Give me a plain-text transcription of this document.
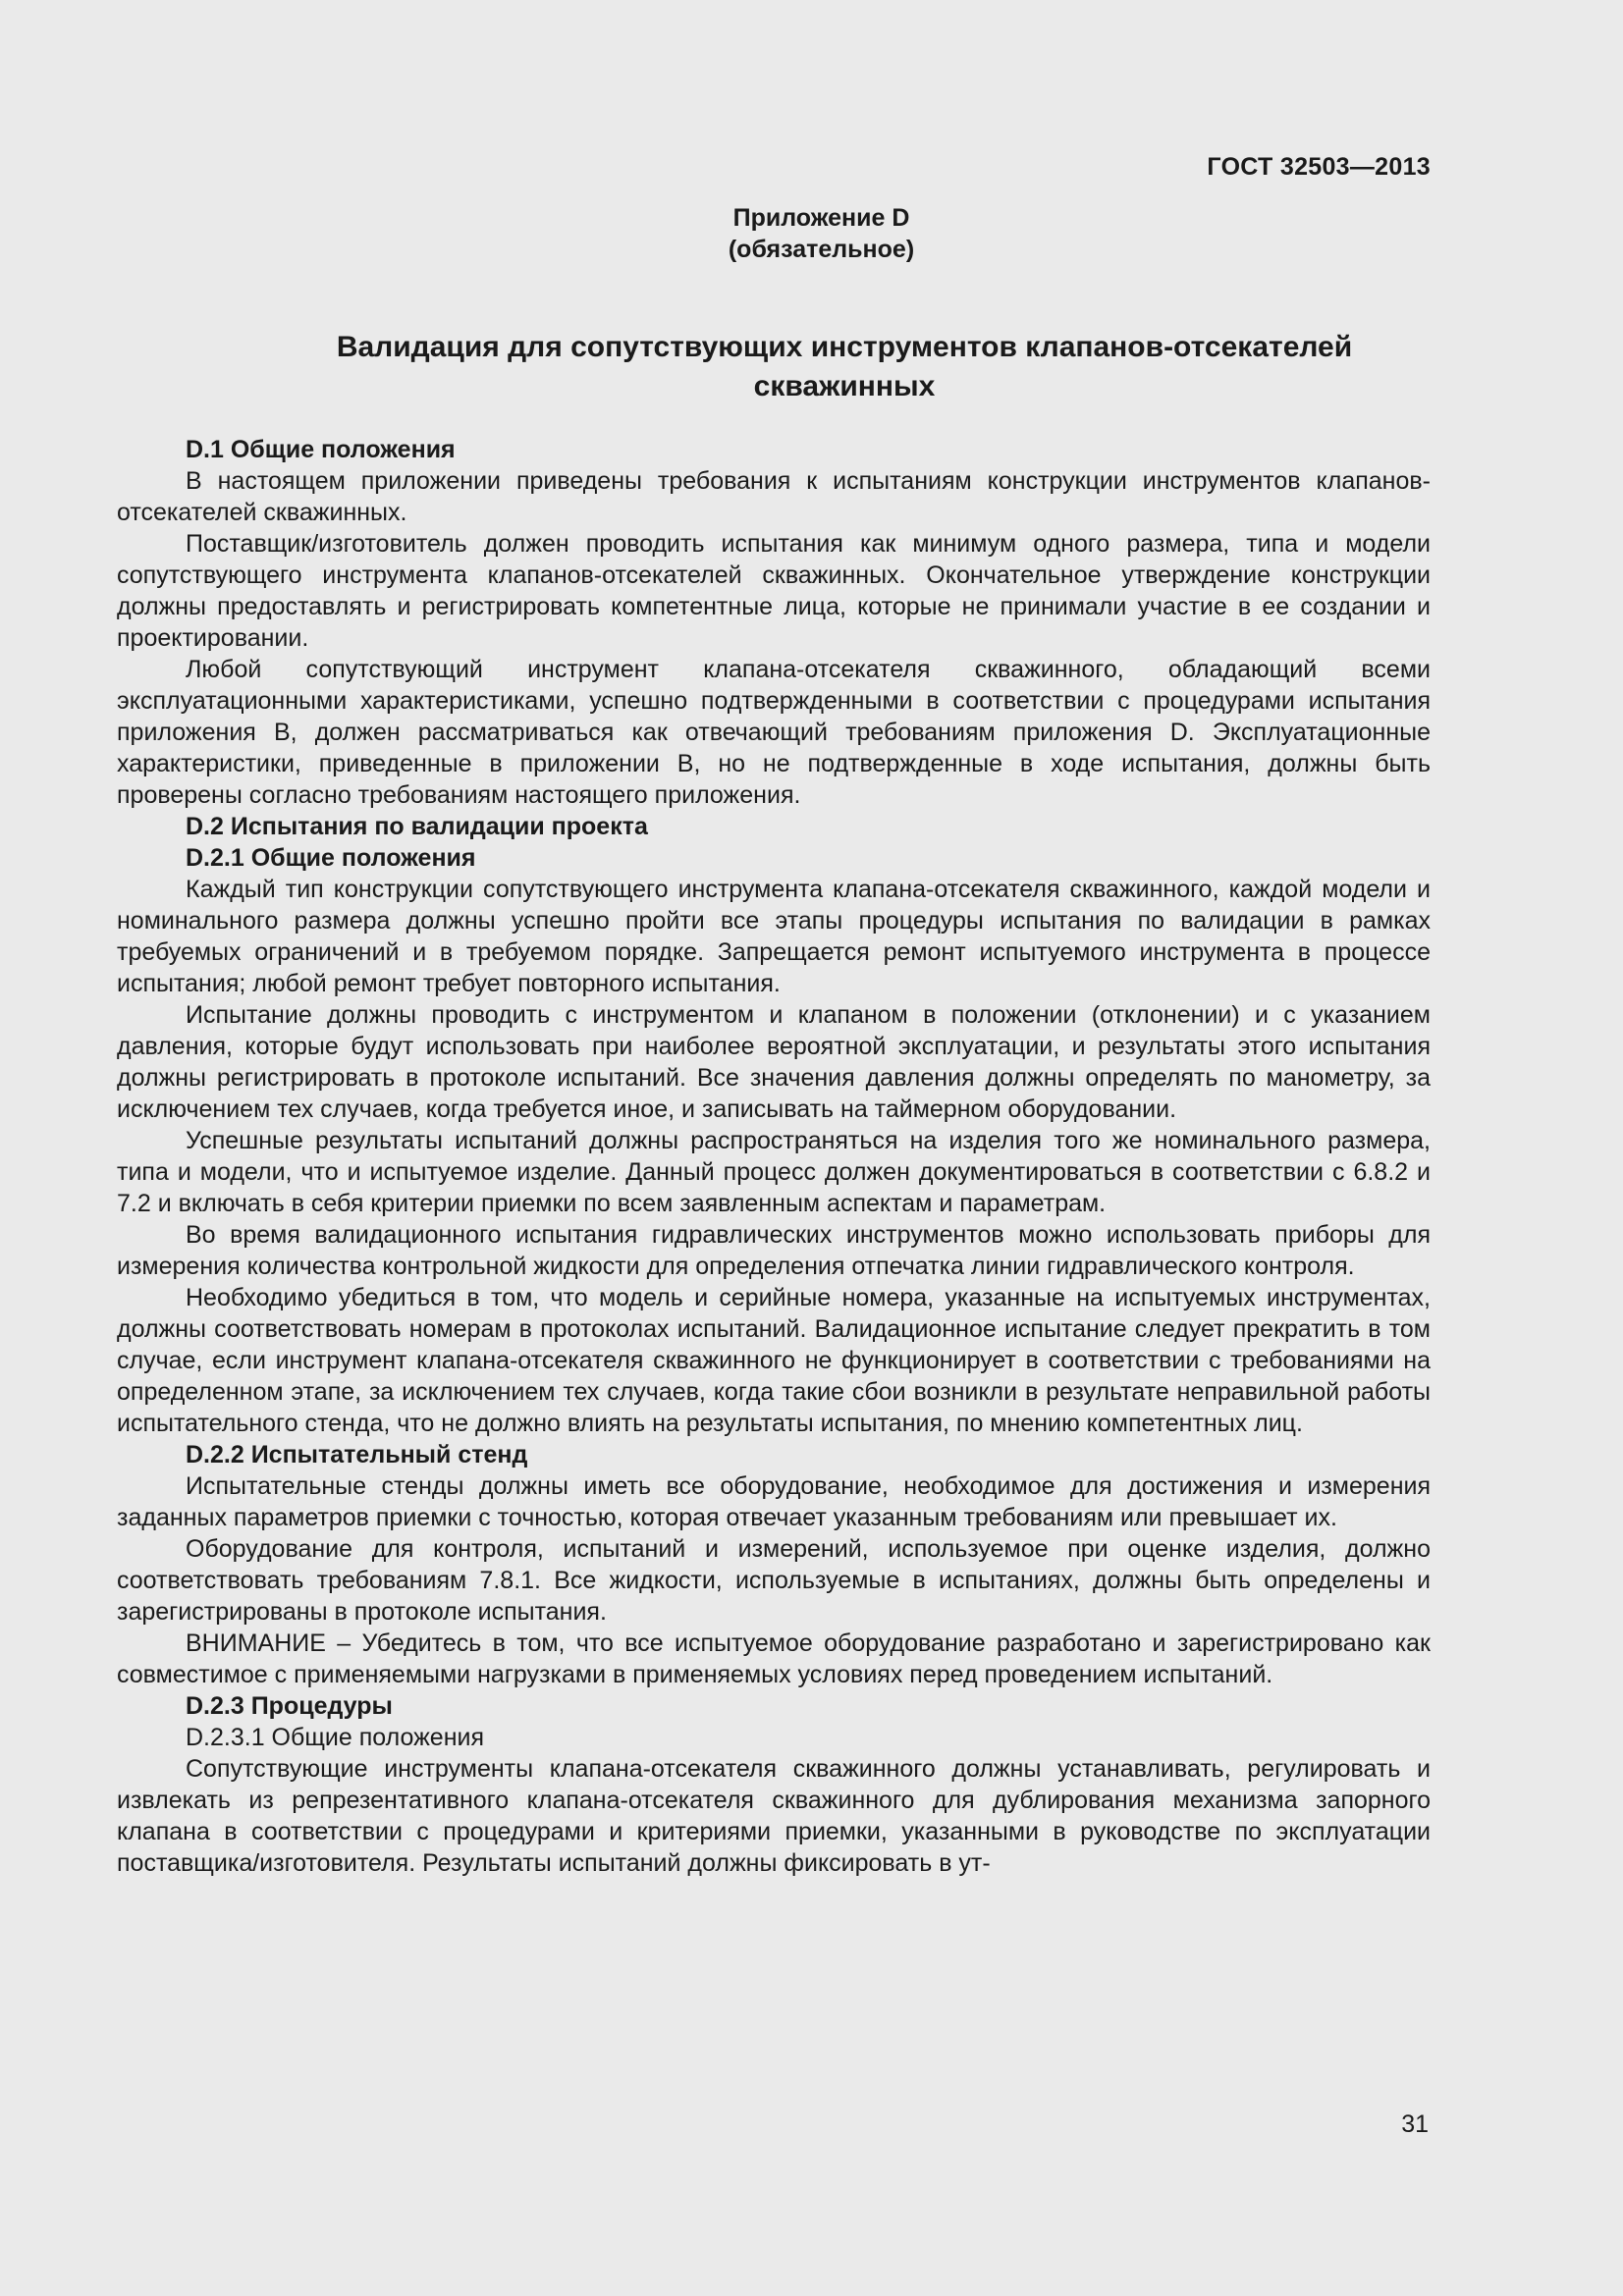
ГОСТ 32503—2013
Приложение D
(обязательное)
Валидация для сопутствующих инструментов клапанов-отсекателей
скважинных
D.1 Общие положения

В настоящем приложении приведены требования к испытаниям конструкции инструментов клапанов-отсекателей скважинных.

Поставщик/изготовитель должен проводить испытания как минимум одного размера, типа и модели сопутствующего инструмента клапанов-отсекателей скважинных. Окончательное утверждение конструкции должны предоставлять и регистрировать компетентные лица, которые не принимали участие в ее создании и проектировании.

Любой сопутствующий инструмент клапана-отсекателя скважинного, обладающий всеми эксплуатационными характеристиками, успешно подтвержденными в соответствии с процедурами испытания приложения В, должен рассматриваться как отвечающий требованиям приложения D. Эксплуатационные характеристики, приведенные в приложении В, но не подтвержденные в ходе испытания, должны быть проверены согласно требованиям настоящего приложения.

D.2 Испытания по валидации проекта
D.2.1 Общие положения

Каждый тип конструкции сопутствующего инструмента клапана-отсекателя скважинного, каждой модели и номинального размера должны успешно пройти все этапы процедуры испытания по валидации в рамках требуемых ограничений и в требуемом порядке. Запрещается ремонт испытуемого инструмента в процессе испытания; любой ремонт требует повторного испытания.

Испытание должны проводить с инструментом и клапаном в положении (отклонении) и с указанием давления, которые будут использовать при наиболее вероятной эксплуатации, и результаты этого испытания должны регистрировать в протоколе испытаний. Все значения давления должны определять по манометру, за исключением тех случаев, когда требуется иное, и записывать на таймерном оборудовании.

Успешные результаты испытаний должны распространяться на изделия того же номинального размера, типа и модели, что и испытуемое изделие. Данный процесс должен документироваться в соответствии с 6.8.2 и 7.2 и включать в себя критерии приемки по всем заявленным аспектам и параметрам.

Во время валидационного испытания гидравлических инструментов можно использовать приборы для измерения количества контрольной жидкости для определения отпечатка линии гидравлического контроля.

Необходимо убедиться в том, что модель и серийные номера, указанные на испытуемых инструментах, должны соответствовать номерам в протоколах испытаний. Валидационное испытание следует прекратить в том случае, если инструмент клапана-отсекателя скважинного не функционирует в соответствии с требованиями на определенном этапе, за исключением тех случаев, когда такие сбои возникли в результате неправильной работы испытательного стенда, что не должно влиять на результаты испытания, по мнению компетентных лиц.

D.2.2 Испытательный стенд

Испытательные стенды должны иметь все оборудование, необходимое для достижения и измерения заданных параметров приемки с точностью, которая отвечает указанным требованиям или превышает их.

Оборудование для контроля, испытаний и измерений, используемое при оценке изделия, должно соответствовать требованиям 7.8.1. Все жидкости, используемые в испытаниях, должны быть определены и зарегистрированы в протоколе испытания.

ВНИМАНИЕ – Убедитесь в том, что все испытуемое оборудование разработано и зарегистрировано как совместимое с применяемыми нагрузками в применяемых условиях перед проведением испытаний.

D.2.3 Процедуры
D.2.3.1 Общие положения

Сопутствующие инструменты клапана-отсекателя скважинного должны устанавливать, регулировать и извлекать из репрезентативного клапана-отсекателя скважинного для дублирования механизма запорного клапана в соответствии с процедурами и критериями приемки, указанными в руководстве по эксплуатации поставщика/изготовителя. Результаты испытаний должны фиксировать в ут-

31
